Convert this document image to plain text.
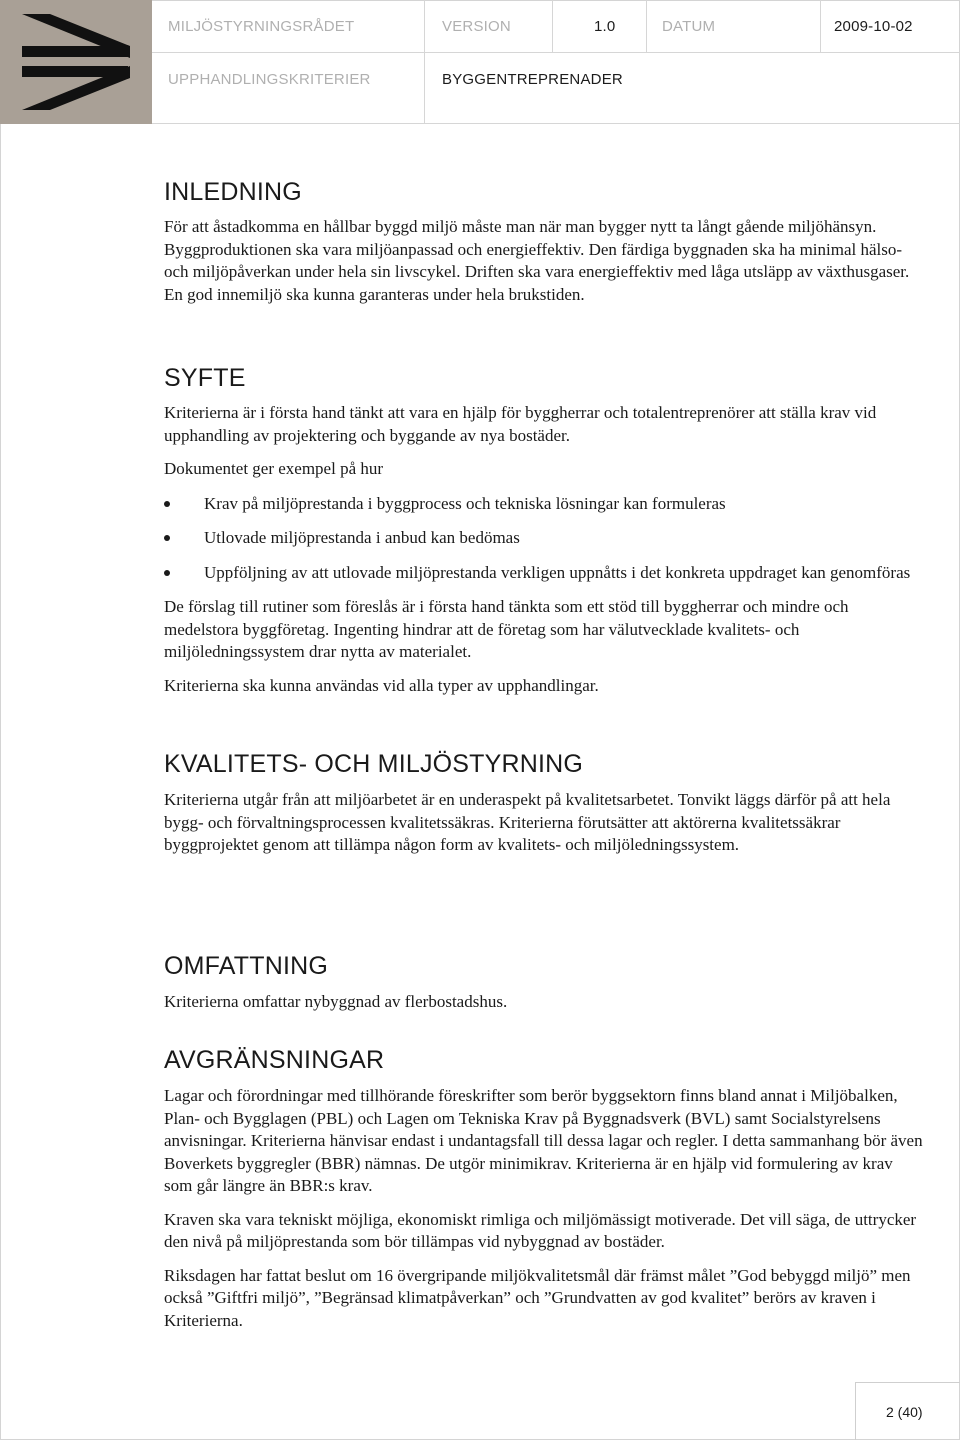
MILJÖSTYRNINGSRÅDET	VERSION	1.0	DATUM	2009-10-02
UPPHANDLINGSKRITERIER	BYGGENTREPRENADER
INLEDNING

För att åstadkomma en hållbar byggd miljö måste man när man bygger nytt ta långt gående miljöhänsyn. Byggproduktionen ska vara miljöanpassad och energieffektiv. Den färdiga byggnaden ska ha minimal hälso- och miljöpåverkan under hela sin livscykel. Driften ska vara energieffektiv med låga utsläpp av växthusgaser. En god innemiljö ska kunna garanteras under hela brukstiden.

SYFTE

Kriterierna är i första hand tänkt att vara en hjälp för byggherrar och totalentreprenörer att ställa krav vid upphandling av projektering och byggande av nya bostäder.

Dokumentet ger exempel på hur

Krav på miljöprestanda i byggprocess och tekniska lösningar kan formuleras
Utlovade miljöprestanda i anbud kan bedömas
Uppföljning av att utlovade miljöprestanda verkligen uppnåtts i det konkreta uppdraget kan genomföras

De förslag till rutiner som föreslås är i första hand tänkta som ett stöd till byggherrar och mindre och medelstora byggföretag. Ingenting hindrar att de företag som har välutvecklade kvalitets- och miljöledningssystem drar nytta av materialet.

Kriterierna ska kunna användas vid alla typer av upphandlingar.

KVALITETS- OCH MILJÖSTYRNING

Kriterierna utgår från att miljöarbetet är en underaspekt på kvalitetsarbetet. Tonvikt läggs därför på att hela bygg- och förvaltningsprocessen kvalitetssäkras. Kriterierna förutsätter att aktörerna kvalitetssäkrar byggprojektet genom att tillämpa någon form av kvalitets- och miljöledningssystem.

OMFATTNING

Kriterierna omfattar nybyggnad av flerbostadshus.

AVGRÄNSNINGAR

Lagar och förordningar med tillhörande föreskrifter som berör byggsektorn finns bland annat i Miljöbalken, Plan- och Bygglagen (PBL) och Lagen om Tekniska Krav på Byggnadsverk (BVL) samt Socialstyrelsens anvisningar. Kriterierna hänvisar endast i undantagsfall till dessa lagar och regler. I detta sammanhang bör även Boverkets byggregler (BBR) nämnas. De utgör minimikrav. Kriterierna är en hjälp vid formulering av krav som går längre än BBR:s krav.

Kraven ska vara tekniskt möjliga, ekonomiskt rimliga och miljömässigt motiverade. Det vill säga, de uttrycker den nivå på miljöprestanda som bör tillämpas vid nybyggnad av bostäder.

Riksdagen har fattat beslut om 16 övergripande miljökvalitetsmål där främst målet ”God bebyggd miljö” men också ”Giftfri miljö”, ”Begränsad klimatpåverkan” och ”Grundvatten av god kvalitet” berörs av kraven i Kriterierna.

2 (40)
